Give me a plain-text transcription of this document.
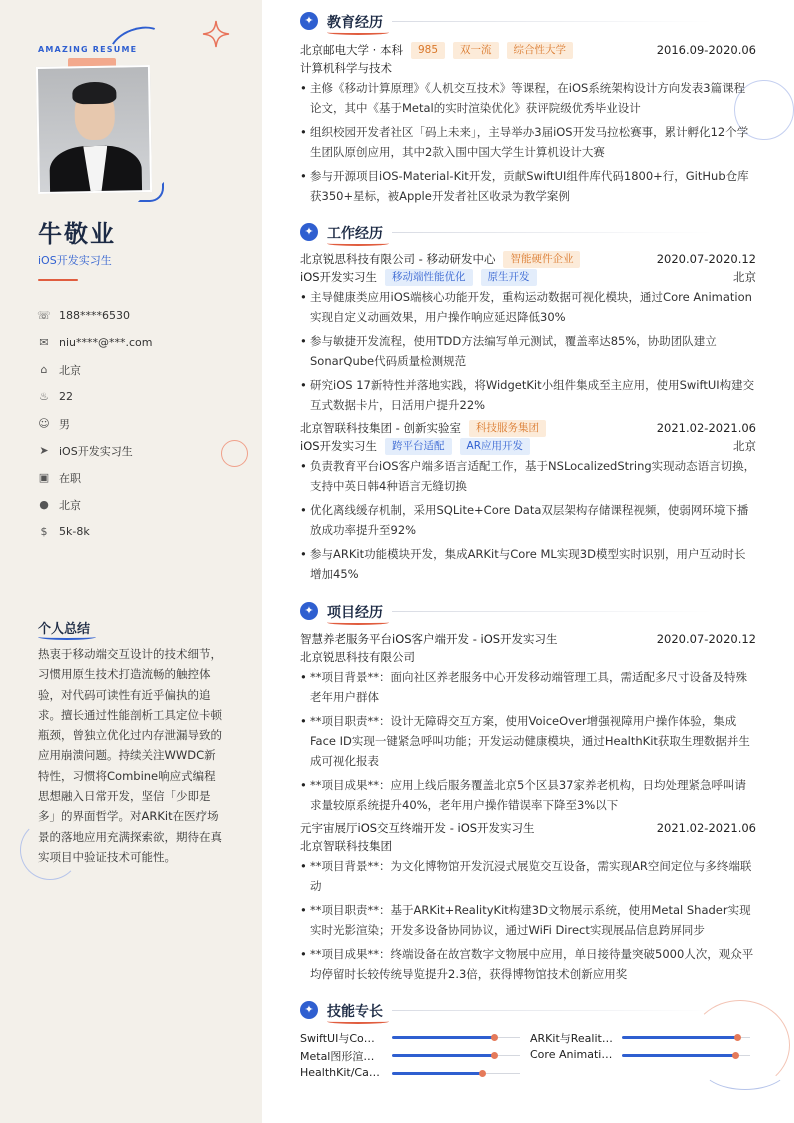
AMAZING RESUME
牛敬业
iOS开发实习生
☏ 188****6530
✉ niu****@***.com
⌂ 北京
♨ 22
☺ 男
➤ iOS开发实习生
▣ 在职
● 北京
$ 5k-8k
个人总结
热衷于移动端交互设计的技术细节，习惯用原生技术打造流畅的触控体验，对代码可读性有近乎偏执的追求。擅长通过性能剖析工具定位卡顿瓶颈，曾独立优化过内存泄漏导致的应用崩溃问题。持续关注WWDC新特性，习惯将Combine响应式编程思想融入日常开发，坚信「少即是多」的界面哲学。对ARKit在医疗场景的落地应用充满探索欲，期待在真实项目中验证技术可能性。
✦ 教育经历
北京邮电大学 · 本科	985	双一流	综合性大学	2016.09-2020.06
计算机科学与技术
• 主修《移动计算原理》《人机交互技术》等课程，在iOS系统架构设计方向发表3篇课程论文，其中《基于Metal的实时渲染优化》获评院级优秀毕业设计
• 组织校园开发者社区「码上未来」，主导举办3届iOS开发马拉松赛事，累计孵化12个学生团队原创应用，其中2款入围中国大学生计算机设计大赛
• 参与开源项目iOS-Material-Kit开发，贡献SwiftUI组件库代码1800+行，GitHub仓库获350+星标，被Apple开发者社区收录为教学案例
✦ 工作经历
北京锐思科技有限公司 - 移动研发中心	智能硬件企业	2020.07-2020.12
iOS开发实习生	移动端性能优化	原生开发	北京
• 主导健康类应用iOS端核心功能开发，重构运动数据可视化模块，通过Core Animation实现自定义动画效果，用户操作响应延迟降低30%
• 参与敏捷开发流程，使用TDD方法编写单元测试，覆盖率达85%，协助团队建立SonarQube代码质量检测规范
• 研究iOS 17新特性并落地实践，将WidgetKit小组件集成至主应用，使用SwiftUI构建交互式数据卡片，日活用户提升22%
北京智联科技集团 - 创新实验室	科技服务集团	2021.02-2021.06
iOS开发实习生	跨平台适配	AR应用开发	北京
• 负责教育平台iOS客户端多语言适配工作，基于NSLocalizedString实现动态语言切换，支持中英日韩4种语言无缝切换
• 优化离线缓存机制，采用SQLite+Core Data双层架构存储课程视频，使弱网环境下播放成功率提升至92%
• 参与ARKit功能模块开发，集成ARKit与Core ML实现3D模型实时识别，用户互动时长增加45%
✦ 项目经历
智慧养老服务平台iOS客户端开发 - iOS开发实习生	2020.07-2020.12
北京锐思科技有限公司
• **项目背景**：面向社区养老服务中心开发移动端管理工具，需适配多尺寸设备及特殊老年用户群体
• **项目职责**：设计无障碍交互方案，使用VoiceOver增强视障用户操作体验，集成Face ID实现一键紧急呼叫功能；开发运动健康模块，通过HealthKit获取生理数据并生成可视化报表
• **项目成果**：应用上线后服务覆盖北京5个区县37家养老机构，日均处理紧急呼叫请求量较原系统提升40%，老年用户操作错误率下降至3%以下
元宇宙展厅iOS交互终端开发 - iOS开发实习生	2021.02-2021.06
北京智联科技集团
• **项目背景**：为文化博物馆开发沉浸式展览交互设备，需实现AR空间定位与多终端联动
• **项目职责**：基于ARKit+RealityKit构建3D文物展示系统，使用Metal Shader实现实时光影渲染；开发多设备协同协议，通过WiFi Direct实现展品信息跨屏同步
• **项目成果**：终端设备在故宫数字文物展中应用，单日接待量突破5000人次，观众平均停留时长较传统导览提升2.3倍，获得博物馆技术创新应用奖
✦ 技能专长
SwiftUI与Co…	ARKit与Realit…
Metal图形渲…	Core Animati…
HealthKit/Ca…
